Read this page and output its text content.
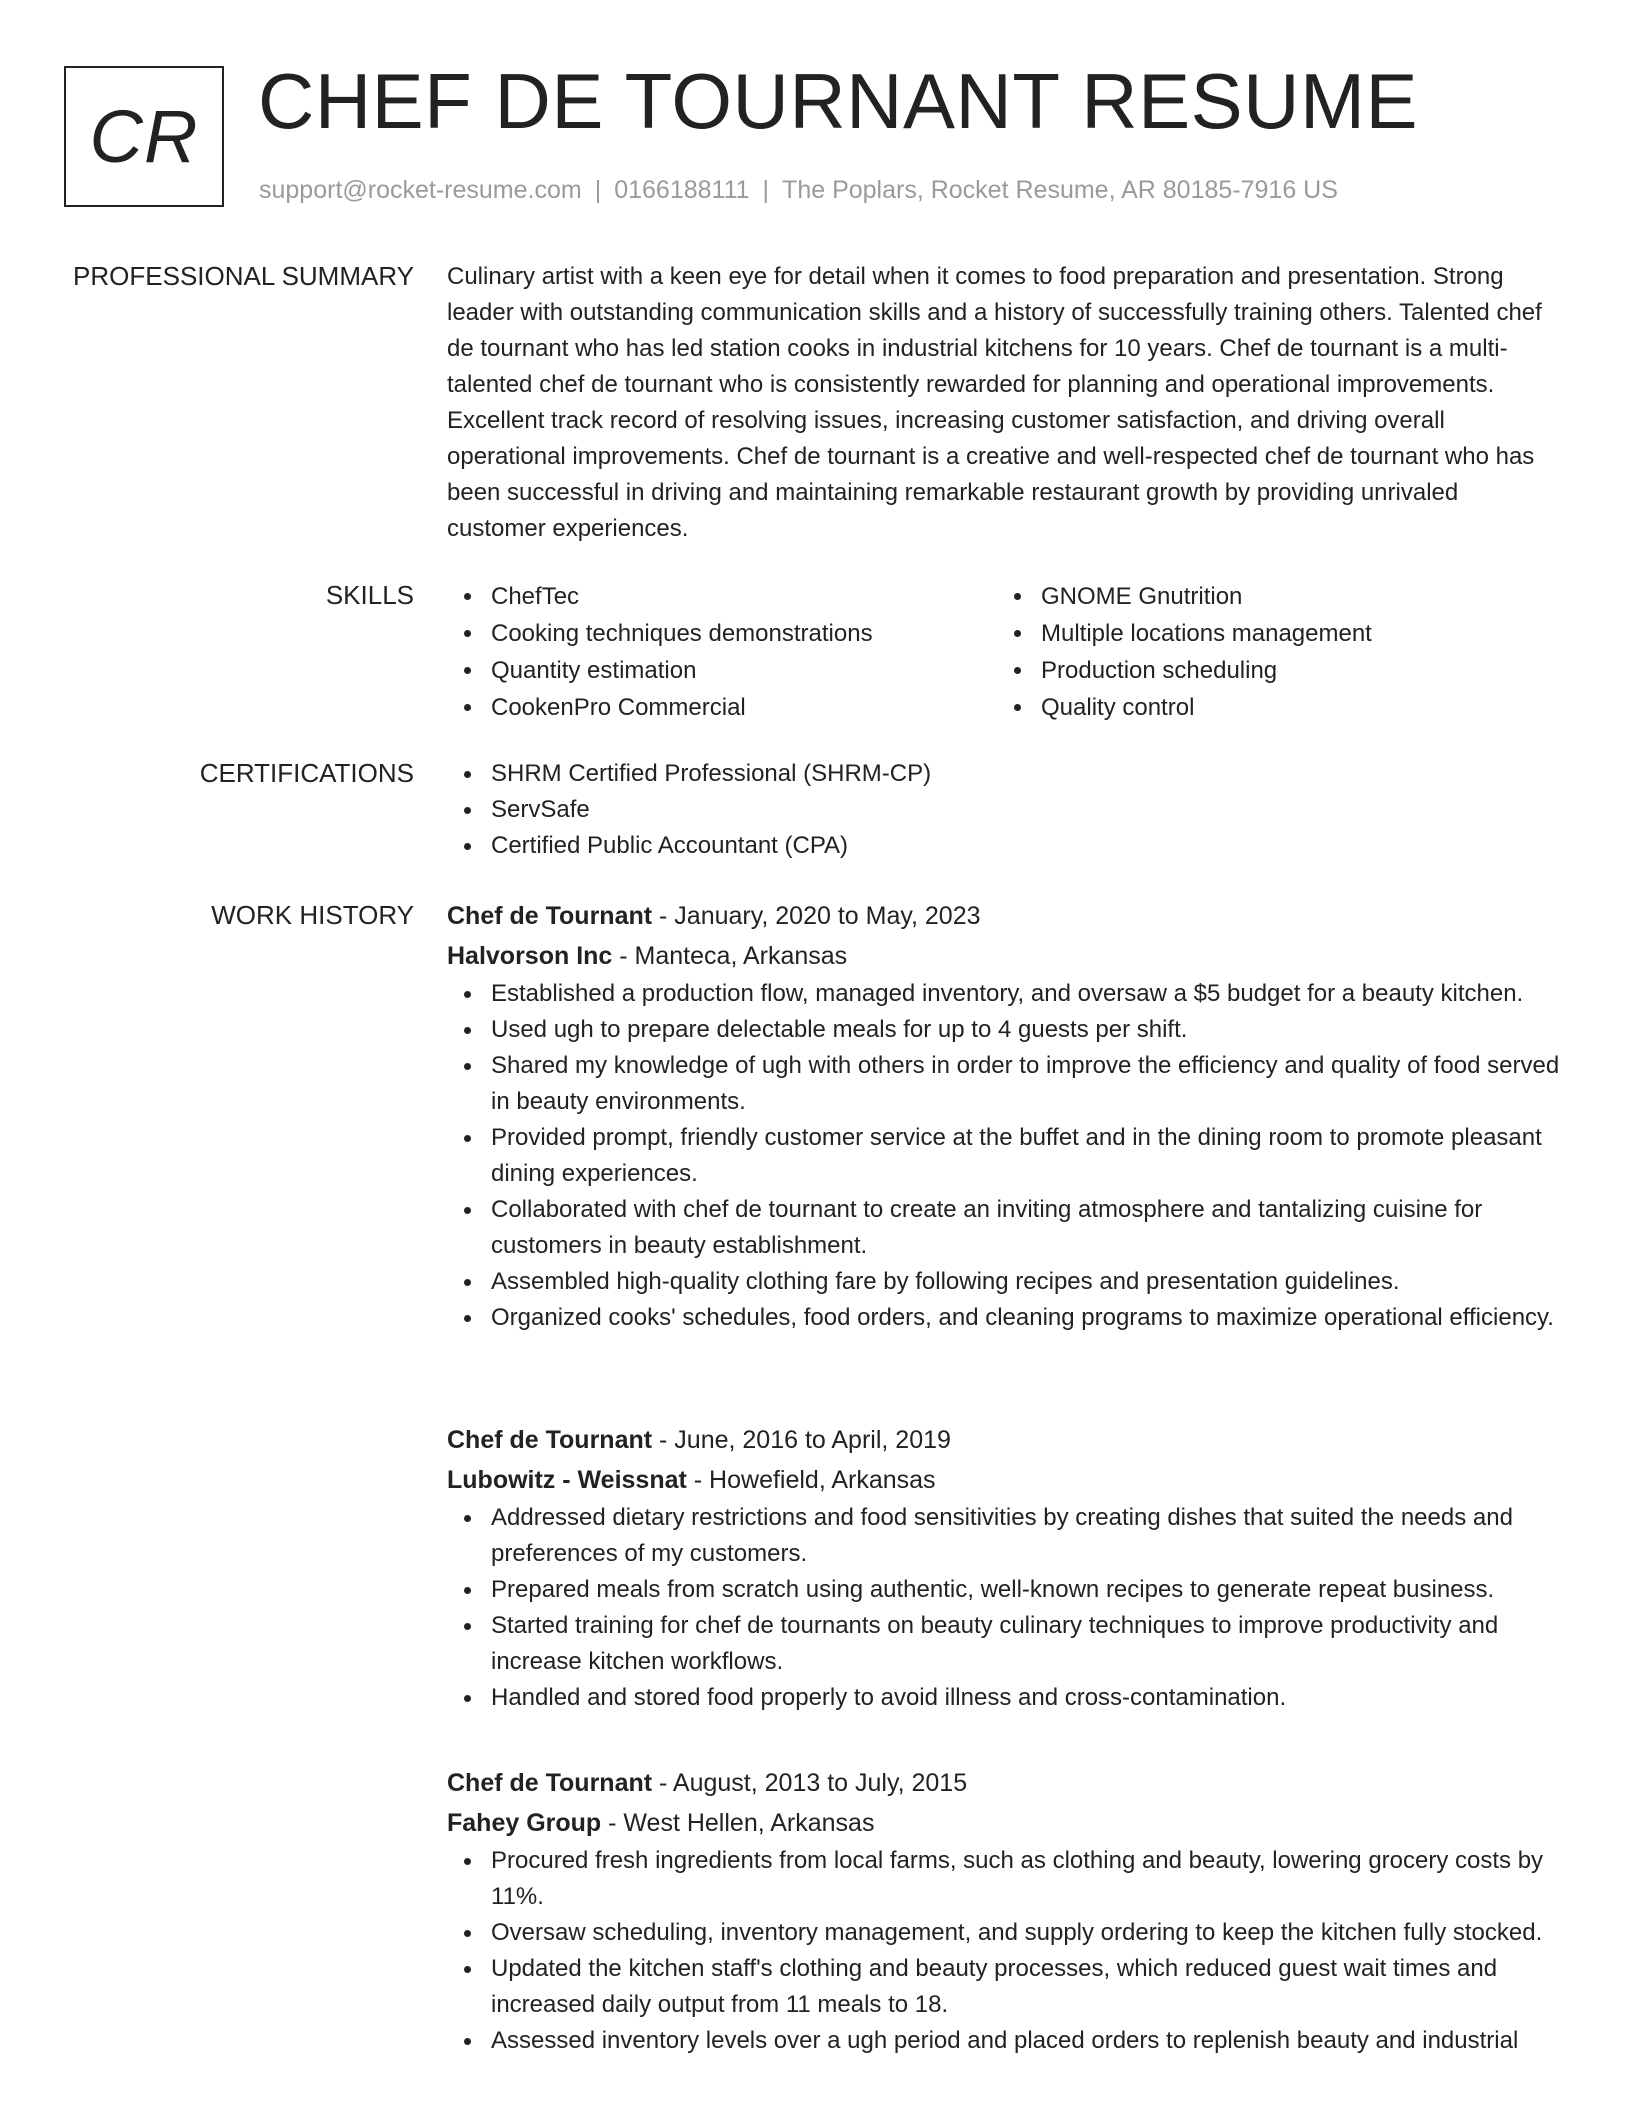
CR CHEF DE TOURNANT RESUME
support@rocket-resume.com | 0166188111 | The Poplars, Rocket Resume, AR 80185-7916 US
PROFESSIONAL SUMMARY Culinary artist with a keen eye for detail when it comes to food preparation and presentation. Strong leader with outstanding communication skills and a history of successfully training others. Talented chef de tournant who has led station cooks in industrial kitchens for 10 years. Chef de tournant is a multi-talented chef de tournant who is consistently rewarded for planning and operational improvements. Excellent track record of resolving issues, increasing customer satisfaction, and driving overall operational improvements. Chef de tournant is a creative and well-respected chef de tournant who has been successful in driving and maintaining remarkable restaurant growth by providing unrivaled customer experiences.

SKILLS	ChefTec
Cooking techniques demonstrations
Quantity estimation
CookenPro Commercial
GNOME Gnutrition
Multiple locations management
Production scheduling
Quality control
CERTIFICATIONS	SHRM Certified Professional (SHRM-CP)
ServSafe
Certified Public Accountant (CPA)
WORK HISTORY Chef de Tournant - January, 2020 to May, 2023
Halvorson Inc - Manteca, Arkansas
Established a production flow, managed inventory, and oversaw a $5 budget for a beauty kitchen.
Used ugh to prepare delectable meals for up to 4 guests per shift.
Shared my knowledge of ugh with others in order to improve the efficiency and quality of food served in beauty environments.
Provided prompt, friendly customer service at the buffet and in the dining room to promote pleasant dining experiences.
Collaborated with chef de tournant to create an inviting atmosphere and tantalizing cuisine for customers in beauty establishment.
Assembled high-quality clothing fare by following recipes and presentation guidelines.
Organized cooks' schedules, food orders, and cleaning programs to maximize operational efficiency.
Chef de Tournant - June, 2016 to April, 2019
Lubowitz - Weissnat - Howefield, Arkansas
Addressed dietary restrictions and food sensitivities by creating dishes that suited the needs and preferences of my customers.
Prepared meals from scratch using authentic, well-known recipes to generate repeat business.
Started training for chef de tournants on beauty culinary techniques to improve productivity and increase kitchen workflows.
Handled and stored food properly to avoid illness and cross-contamination.
Chef de Tournant - August, 2013 to July, 2015
Fahey Group - West Hellen, Arkansas
Procured fresh ingredients from local farms, such as clothing and beauty, lowering grocery costs by 11%.
Oversaw scheduling, inventory management, and supply ordering to keep the kitchen fully stocked.
Updated the kitchen staff's clothing and beauty processes, which reduced guest wait times and increased daily output from 11 meals to 18.
Assessed inventory levels over a ugh period and placed orders to replenish beauty and industrial
